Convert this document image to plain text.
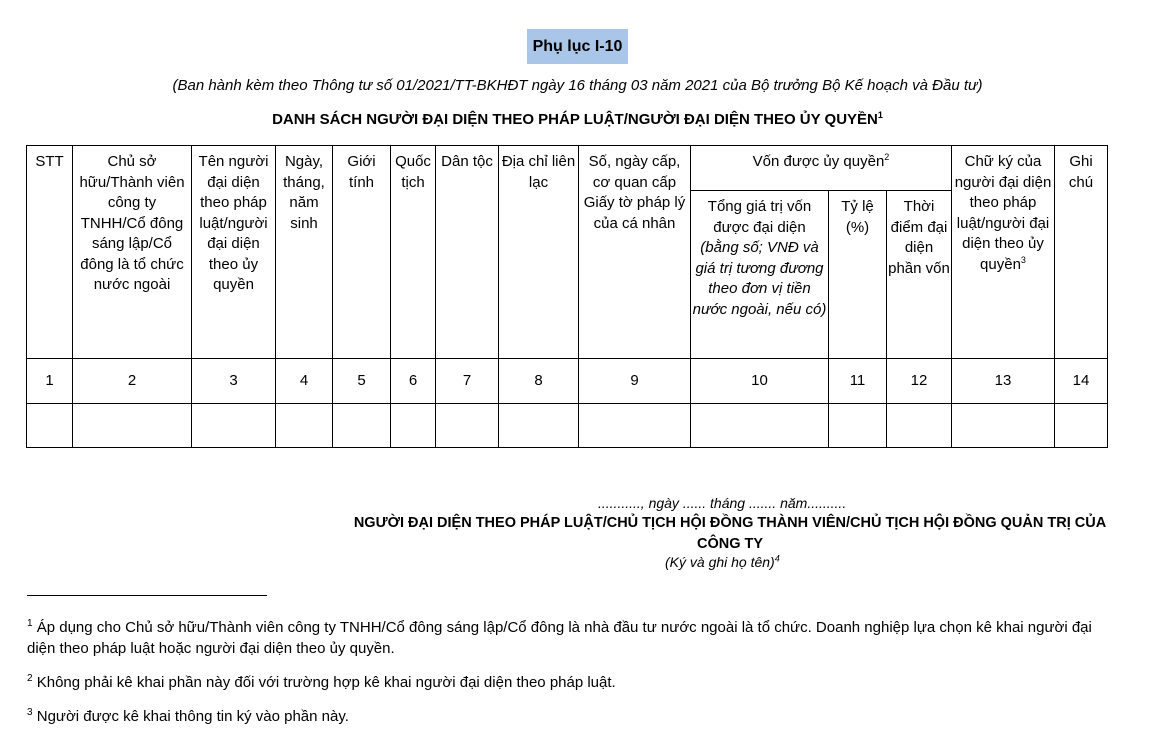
Phụ lục I-10
(Ban hành kèm theo Thông tư số 01/2021/TT-BKHĐT ngày 16 tháng 03 năm 2021 của Bộ trưởng Bộ Kế hoạch và Đầu tư)
DANH SÁCH NGƯỜI ĐẠI DIỆN THEO PHÁP LUẬT/NGƯỜI ĐẠI DIỆN THEO ỦY QUYỀN$^1$
STT	Chủ sở hữu/Thành viên công ty TNHH/Cổ đông sáng lập/Cổ đông là tổ chức nước ngoài	Tên người đại diện theo pháp luật/người đại diện theo ủy quyền	Ngày, tháng, năm sinh	Giới tính	Quốc tịch	Dân tộc	Địa chỉ liên lạc	Số, ngày cấp, cơ quan cấp Giấy tờ pháp lý của cá nhân	Vốn được ủy quyền$^2$			Chữ ký của người đại diện theo pháp luật/người đại diện theo ủy quyền$^3$	Ghi chú

									Tổng giá trị vốn được đại diện
(bằng số; VNĐ và giá trị tương đương theo đơn vị tiền nước ngoài, nếu có)	Tỷ lệ (%)	Thời điểm đại diện phần vốn		
1	2	3	4	5	6	7	8	9	10	11	12	13	14

..........., ngày ...... tháng ....... năm..........
NGƯỜI ĐẠI DIỆN THEO PHÁP LUẬT/CHỦ TỊCH HỘI ĐỒNG THÀNH VIÊN/CHỦ TỊCH HỘI ĐỒNG QUẢN TRỊ CỦA CÔNG TY
(Ký và ghi họ tên)$^4$
$^1$ Áp dụng cho Chủ sở hữu/Thành viên công ty TNHH/Cổ đông sáng lập/Cổ đông là nhà đầu tư nước ngoài là tổ chức. Doanh nghiệp lựa chọn kê khai người đại diện theo pháp luật hoặc người đại diện theo ủy quyền.
$^2$ Không phải kê khai phần này đối với trường hợp kê khai người đại diện theo pháp luật.
$^3$ Người được kê khai thông tin ký vào phần này.
